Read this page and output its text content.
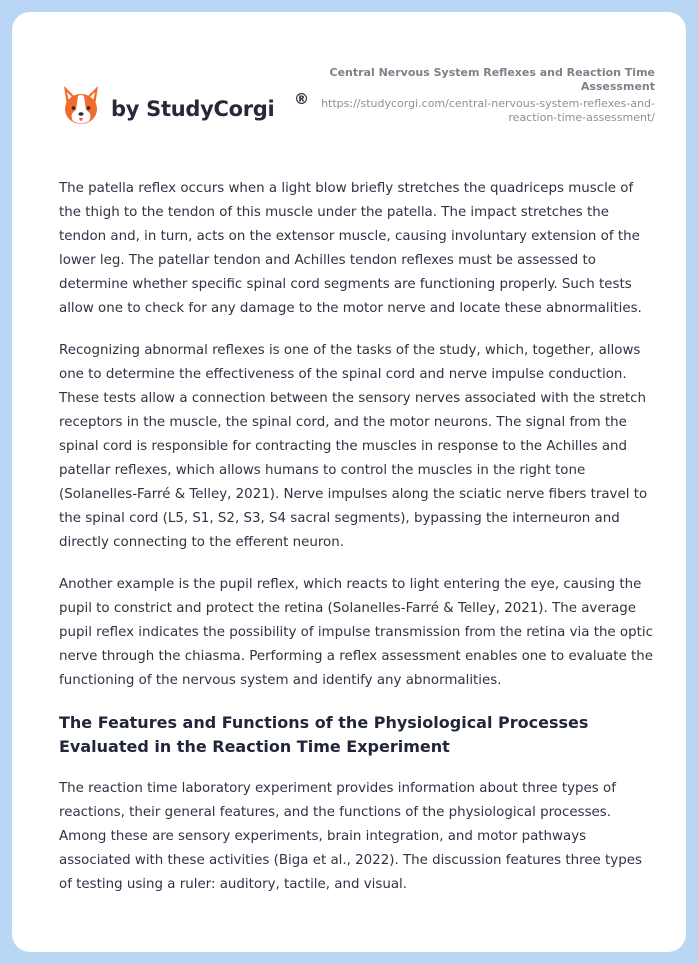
by StudyCorgi ®
Central Nervous System Reflexes and Reaction Time Assessment
https://studycorgi.com/central-nervous-system-reflexes-and-reaction-time-assessment/

The patella reflex occurs when a light blow briefly stretches the quadriceps muscle of the thigh to the tendon of this muscle under the patella. The impact stretches the tendon and, in turn, acts on the extensor muscle, causing involuntary extension of the lower leg. The patellar tendon and Achilles tendon reflexes must be assessed to determine whether specific spinal cord segments are functioning properly. Such tests allow one to check for any damage to the motor nerve and locate these abnormalities.

Recognizing abnormal reflexes is one of the tasks of the study, which, together, allows one to determine the effectiveness of the spinal cord and nerve impulse conduction. These tests allow a connection between the sensory nerves associated with the stretch receptors in the muscle, the spinal cord, and the motor neurons. The signal from the spinal cord is responsible for contracting the muscles in response to the Achilles and patellar reflexes, which allows humans to control the muscles in the right tone (Solanelles-Farré & Telley, 2021). Nerve impulses along the sciatic nerve fibers travel to the spinal cord (L5, S1, S2, S3, S4 sacral segments), bypassing the interneuron and directly connecting to the efferent neuron.

Another example is the pupil reflex, which reacts to light entering the eye, causing the pupil to constrict and protect the retina (Solanelles-Farré & Telley, 2021). The average pupil reflex indicates the possibility of impulse transmission from the retina via the optic nerve through the chiasma. Performing a reflex assessment enables one to evaluate the functioning of the nervous system and identify any abnormalities.

The Features and Functions of the Physiological Processes Evaluated in the Reaction Time Experiment

The reaction time laboratory experiment provides information about three types of reactions, their general features, and the functions of the physiological processes. Among these are sensory experiments, brain integration, and motor pathways associated with these activities (Biga et al., 2022). The discussion features three types of testing using a ruler: auditory, tactile, and visual.
